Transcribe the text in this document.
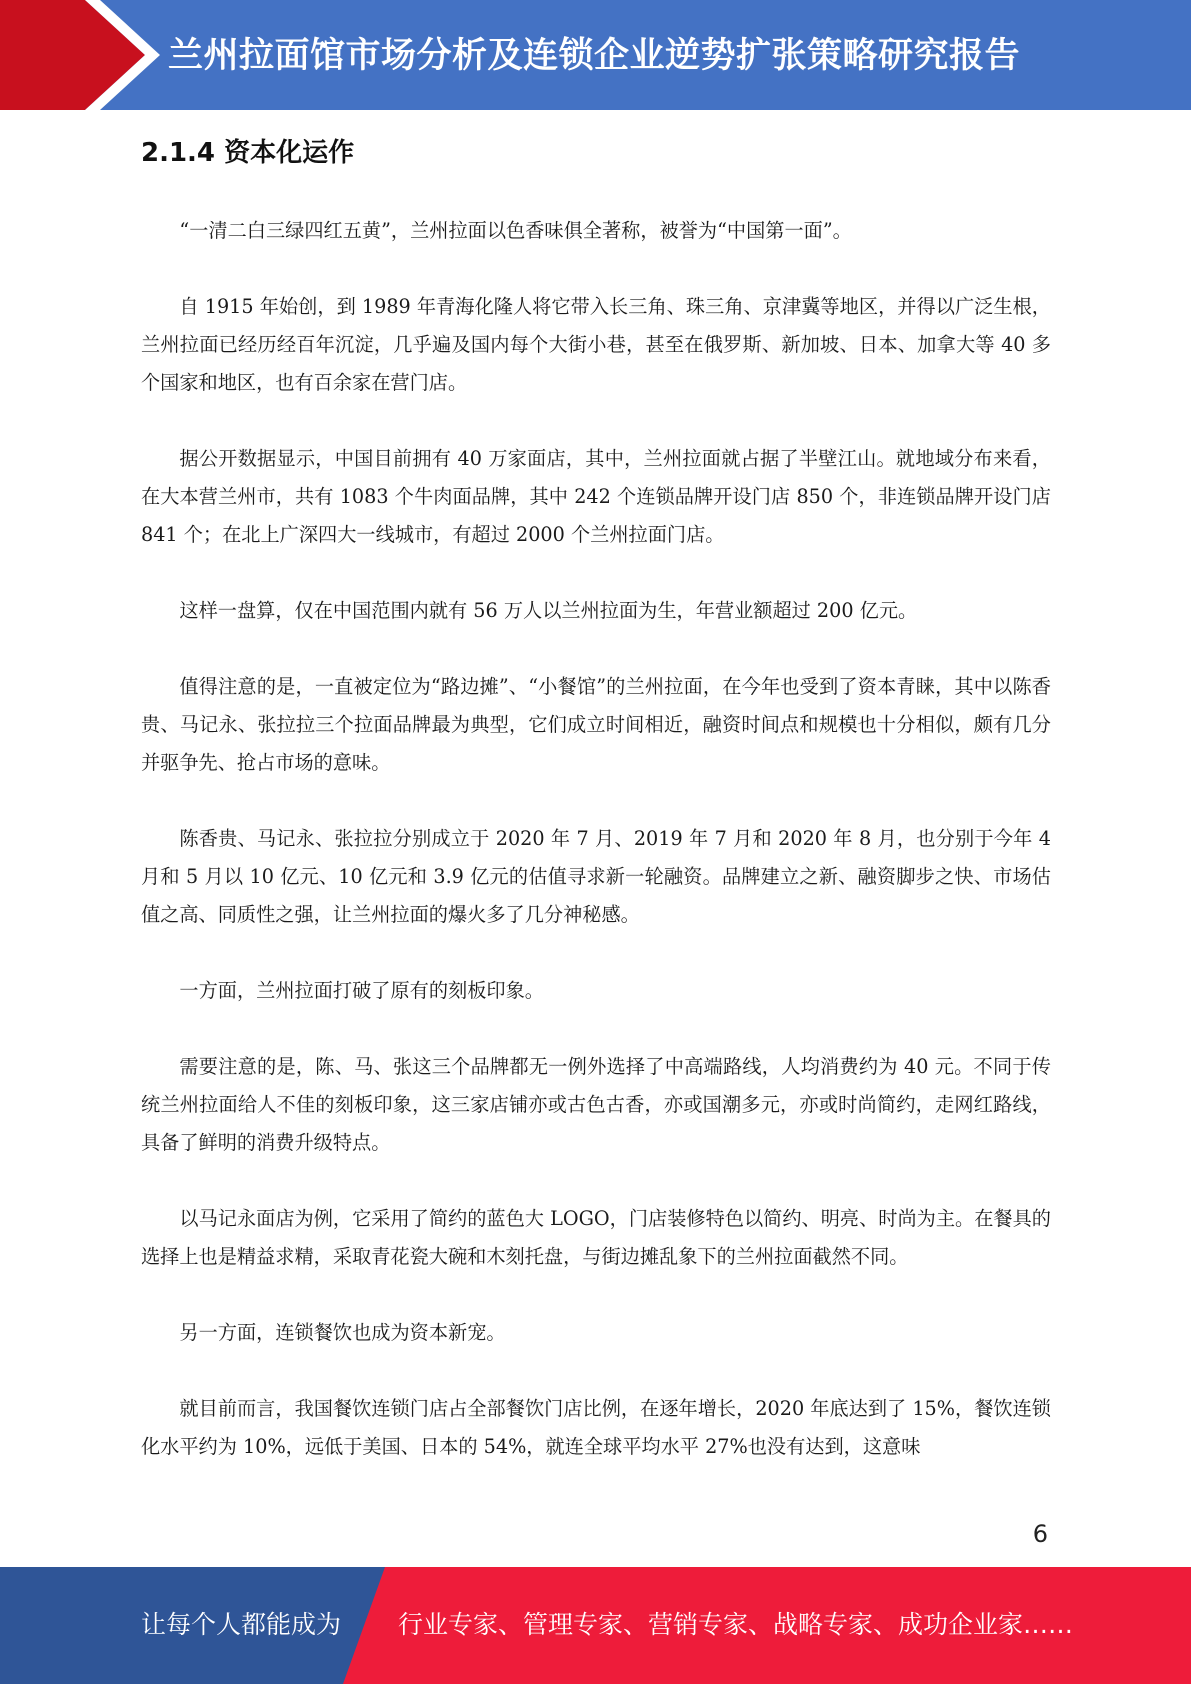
兰州拉面馆市场分析及连锁企业逆势扩张策略研究报告
2.1.4 资本化运作

“一清二白三绿四红五黄”，兰州拉面以色香味俱全著称，被誉为“中国第一面”。

自 1915 年始创，到 1989 年青海化隆人将它带入长三角、珠三角、京津冀等地区，并得以广泛生根，兰州拉面已经历经百年沉淀，几乎遍及国内每个大街小巷，甚至在俄罗斯、新加坡、日本、加拿大等 40 多个国家和地区，也有百余家在营门店。

据公开数据显示，中国目前拥有 40 万家面店，其中，兰州拉面就占据了半壁江山。就地域分布来看，在大本营兰州市，共有 1083 个牛肉面品牌，其中 242 个连锁品牌开设门店 850 个，非连锁品牌开设门店 841 个；在北上广深四大一线城市，有超过 2000 个兰州拉面门店。

这样一盘算，仅在中国范围内就有 56 万人以兰州拉面为生，年营业额超过 200 亿元。

值得注意的是，一直被定位为“路边摊”、“小餐馆”的兰州拉面，在今年也受到了资本青睐，其中以陈香贵、马记永、张拉拉三个拉面品牌最为典型，它们成立时间相近，融资时间点和规模也十分相似，颇有几分并驱争先、抢占市场的意味。

陈香贵、马记永、张拉拉分别成立于 2020 年 7 月、2019 年 7 月和 2020 年 8 月，也分别于今年 4 月和 5 月以 10 亿元、10 亿元和 3.9 亿元的估值寻求新一轮融资。品牌建立之新、融资脚步之快、市场估值之高、同质性之强，让兰州拉面的爆火多了几分神秘感。

一方面，兰州拉面打破了原有的刻板印象。

需要注意的是，陈、马、张这三个品牌都无一例外选择了中高端路线，人均消费约为 40 元。不同于传统兰州拉面给人不佳的刻板印象，这三家店铺亦或古色古香，亦或国潮多元，亦或时尚简约，走网红路线，具备了鲜明的消费升级特点。

以马记永面店为例，它采用了简约的蓝色大 LOGO，门店装修特色以简约、明亮、时尚为主。在餐具的选择上也是精益求精，采取青花瓷大碗和木刻托盘，与街边摊乱象下的兰州拉面截然不同。

另一方面，连锁餐饮也成为资本新宠。

就目前而言，我国餐饮连锁门店占全部餐饮门店比例，在逐年增长，2020 年底达到了 15%，餐饮连锁化水平约为 10%，远低于美国、日本的 54%，就连全球平均水平 27%也没有达到，这意味

6
让每个人都能成为 行业专家、管理专家、营销专家、战略专家、成功企业家……
